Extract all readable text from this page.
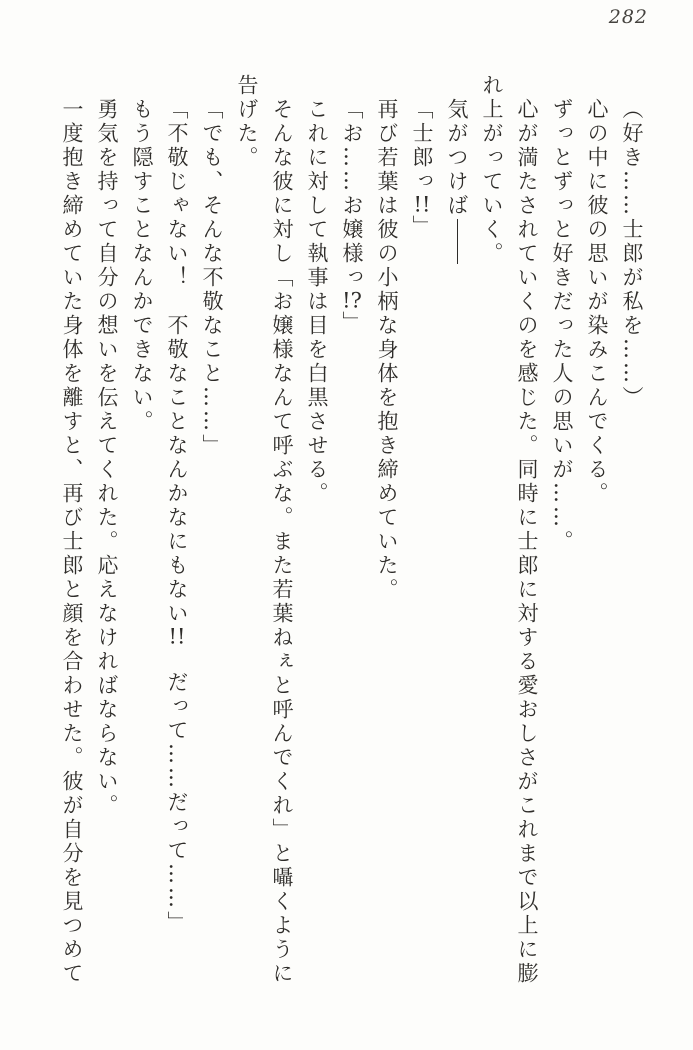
282
（好き……士郎が私を……）
心の中に彼の思いが染みこんでくる。
ずっとずっと好きだった人の思いが……。
心が満たされていくのを感じた。同時に士郎に対する愛おしさがこれまで以上に膨
れ上がっていく。
気がつけば
「士郎っ!!」
再び若葉は彼の小柄な身体を抱き締めていた。
「お……お嬢様っ!?」
これに対して執事は目を白黒させる。
そんな彼に対し「お嬢様なんて呼ぶな。また若葉ねぇと呼んでくれ」と囁くように
告げた。
「でも、そんな不敬なこと……」
「不敬じゃない！　不敬なことなんかなにもない!!　だって……だって……」
もう隠すことなんかできない。
勇気を持って自分の想いを伝えてくれた。応えなければならない。
一度抱き締めていた身体を離すと、再び士郎と顔を合わせた。彼が自分を見つめて
